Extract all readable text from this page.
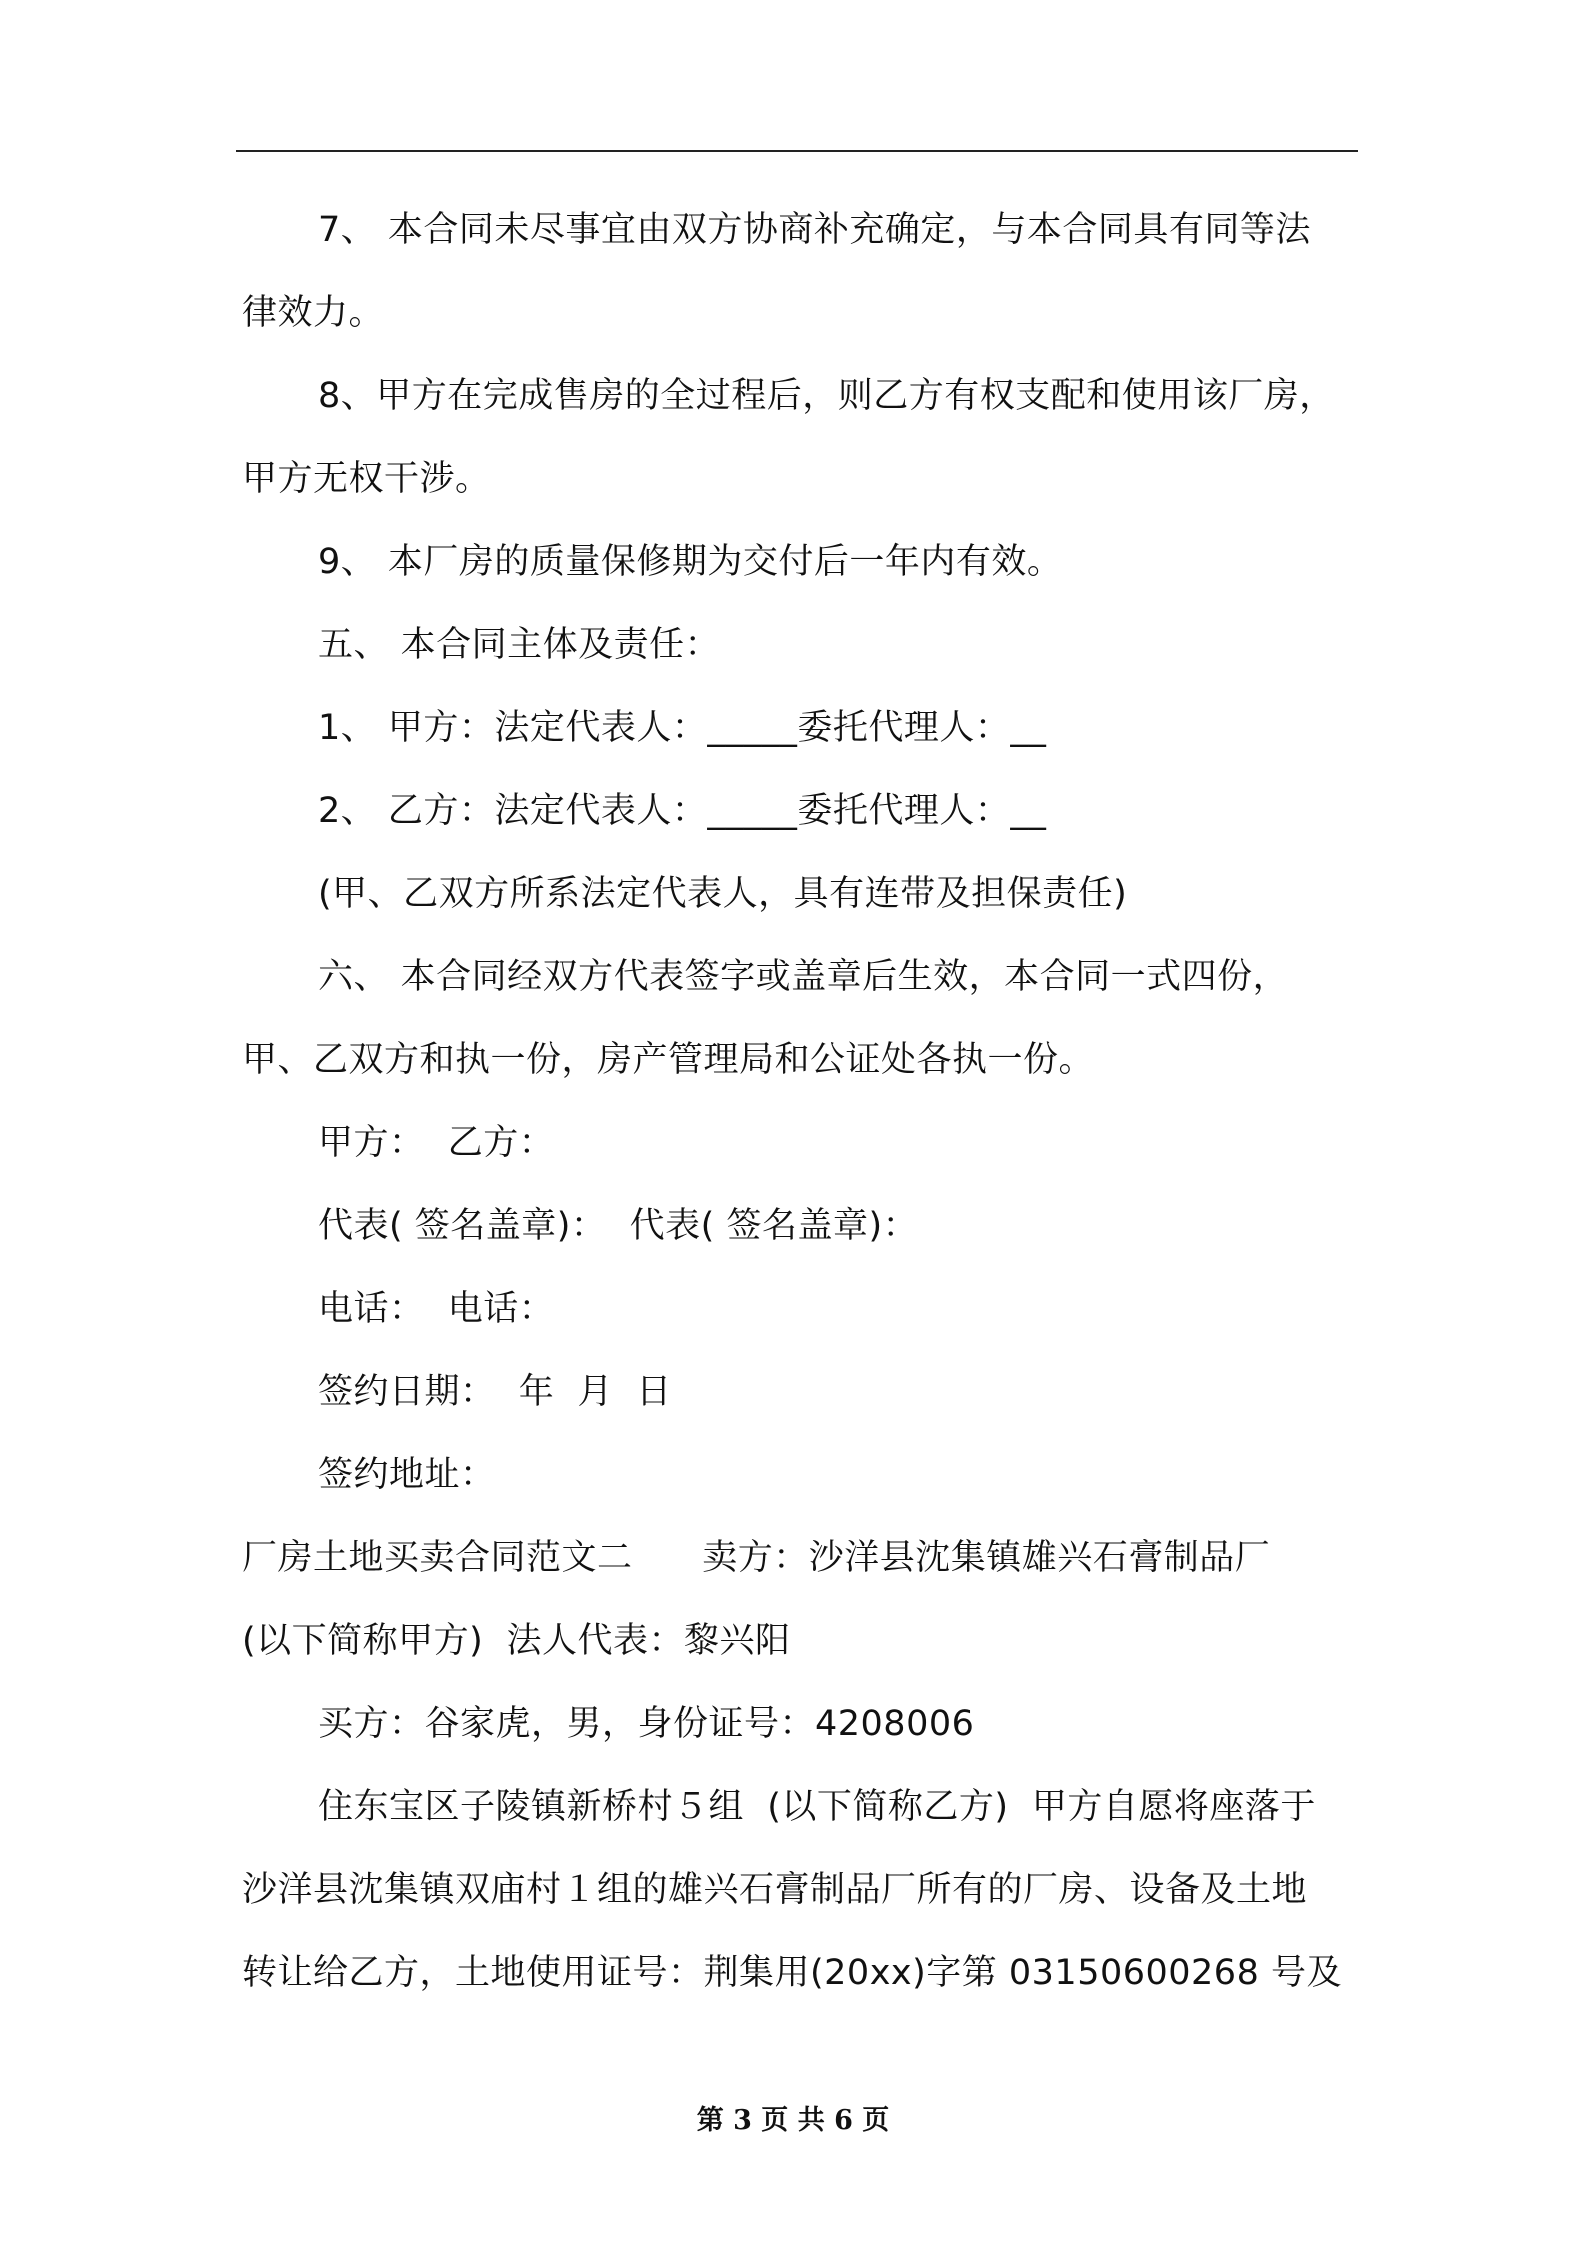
7、 本合同未尽事宜由双方协商补充确定，与本合同具有同等法
律效力。
8、甲方在完成售房的全过程后，则乙方有权支配和使用该厂房，
甲方无权干涉。
9、 本厂房的质量保修期为交付后一年内有效。
五、 本合同主体及责任：
1、 甲方：法定代表人：_____委托代理人：__
2、 乙方：法定代表人：_____委托代理人：__
(甲、乙双方所系法定代表人，具有连带及担保责任)
六、 本合同经双方代表签字或盖章后生效，本合同一式四份，
甲、乙双方和执一份，房产管理局和公证处各执一份。
甲方：  乙方：
代表( 签名盖章)：  代表( 签名盖章)：
电话：  电话：
签约日期：  年  月  日
签约地址：
厂房土地买卖合同范文二      卖方：沙洋县沈集镇雄兴石膏制品厂
(以下简称甲方)  法人代表：黎兴阳
买方：谷家虎，男，身份证号：4208006
住东宝区子陵镇新桥村５组  (以下简称乙方)  甲方自愿将座落于
沙洋县沈集镇双庙村１组的雄兴石膏制品厂所有的厂房、设备及土地
转让给乙方，土地使用证号：荆集用(20xx)字第 03150600268 号及
第 3 页 共 6 页
